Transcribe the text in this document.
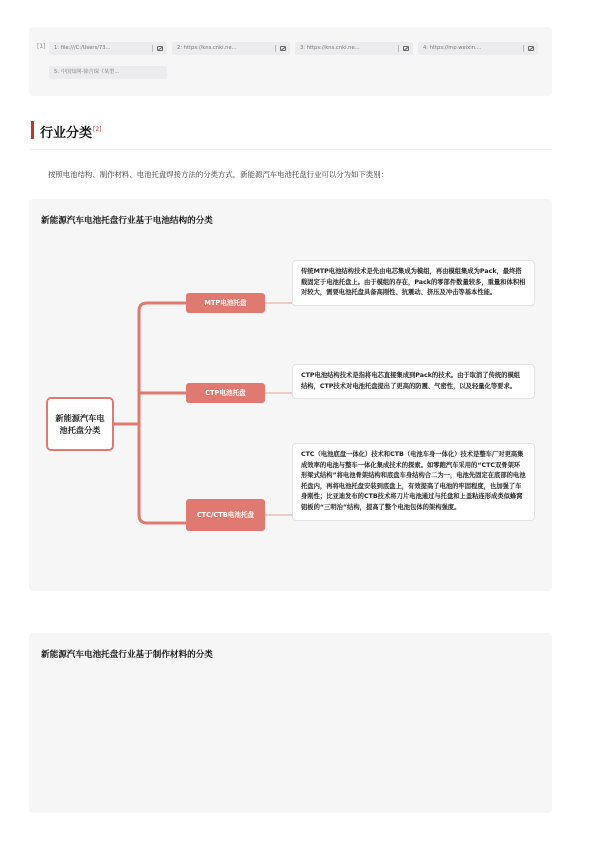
[1]	1: file:///C:/Users/73...	2: https://kns.cnki.ne...	3: https://kns.cnki.ne...	4: https://mp.weixin....
5: 中国知网-徐吉琛《某型...
行业分类[2]

按照电池结构、制作材料、电池托盘焊接方法的分类方式，新能源汽车电池托盘行业可以分为如下类别：

新能源汽车电池托盘行业基于电池结构的分类
新能源汽车电池托盘分类
MTP电池托盘
CTP电池托盘
CTC/CTB电池托盘
传统MTP电池结构技术是先由电芯集成为模组，再由模组集成为Pack，最终搭载固定于电池托盘上。由于模组的存在，Pack的零部件数量较多，重量和体积相对较大，需要电池托盘具备高刚性、抗震动、挤压及冲击等基本性能。
CTP电池结构技术是指将电芯直接集成到Pack的技术。由于取消了传统的模组结构，CTP技术对电池托盘提出了更高的防震、气密性，以及轻量化等要求。
CTC（电池底盘一体化）技术和CTB（电池车身一体化）技术是整车厂对更高集成效率的电池与整车一体化集成技术的探索。如零跑汽车采用的“CTC双骨架环形梁式结构”将电池骨架结构和底盘车身结构合二为一，电池先固定在底部的电池托盘内，再将电池托盘安装到底盘上，有效提高了电池的牢固程度，也加强了车身刚性；比亚迪发布的CTB技术将刀片电池通过与托盘和上盖粘连形成类似蜂窝铝板的“三明治”结构，提高了整个电池包体的架构强度。
新能源汽车电池托盘行业基于制作材料的分类
